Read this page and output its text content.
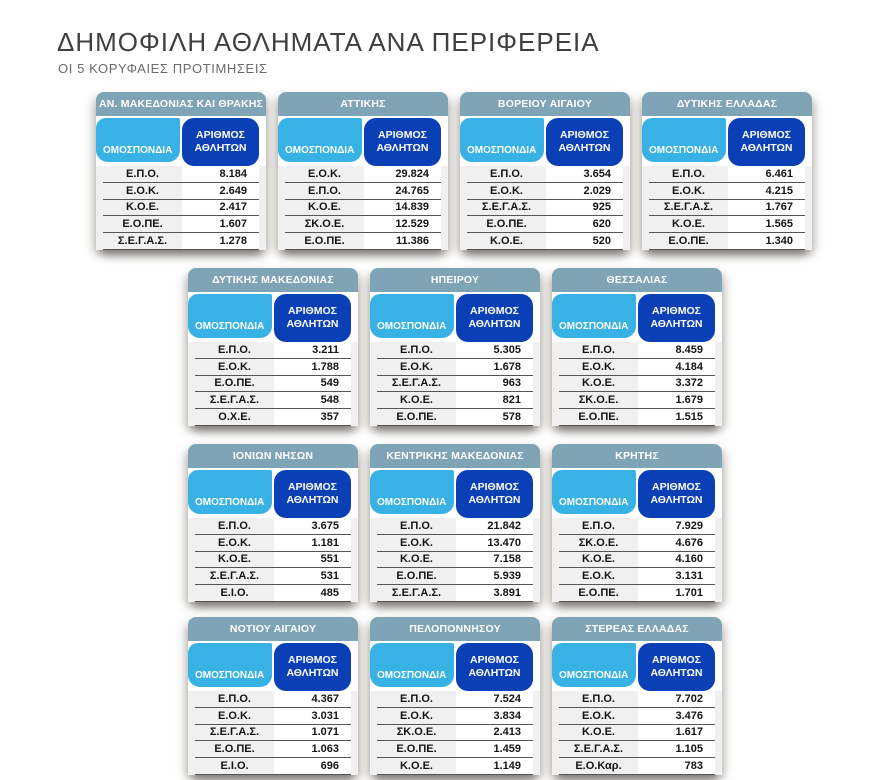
ΔΗΜΟΦΙΛΗ ΑΘΛΗΜΑΤΑ ΑΝΑ ΠΕΡΙΦΕΡΕΙΑ
ΟΙ 5 ΚΟΡΥΦΑΙΕΣ ΠΡΟΤΙΜΗΣΕΙΣ
ΑΝ. ΜΑΚΕΔΟΝΙΑΣ ΚΑΙ ΘΡΑΚΗΣ
ΟΜΟΣΠΟΝΔΙΑ
ΑΡΙΘΜΟΣ ΑΘΛΗΤΩΝ
Ε.Π.Ο.	8.184
Ε.Ο.Κ.	2.649
Κ.Ο.Ε.	2.417
Ε.Ο.ΠΕ.	1.607
Σ.Ε.Γ.Α.Σ.	1.278
ΑΤΤΙΚΗΣ
ΟΜΟΣΠΟΝΔΙΑ
ΑΡΙΘΜΟΣ ΑΘΛΗΤΩΝ
Ε.Ο.Κ.	29.824
Ε.Π.Ο.	24.765
Κ.Ο.Ε.	14.839
ΣΚ.Ο.Ε.	12.529
Ε.Ο.ΠΕ.	11.386
ΒΟΡΕΙΟΥ ΑΙΓΑΙΟΥ
ΟΜΟΣΠΟΝΔΙΑ
ΑΡΙΘΜΟΣ ΑΘΛΗΤΩΝ
Ε.Π.Ο.	3.654
Ε.Ο.Κ.	2.029
Σ.Ε.Γ.Α.Σ.	925
Ε.Ο.ΠΕ.	620
Κ.Ο.Ε.	520
ΔΥΤΙΚΗΣ ΕΛΛΑΔΑΣ
ΟΜΟΣΠΟΝΔΙΑ
ΑΡΙΘΜΟΣ ΑΘΛΗΤΩΝ
Ε.Π.Ο.	6.461
Ε.Ο.Κ.	4.215
Σ.Ε.Γ.Α.Σ.	1.767
Κ.Ο.Ε.	1.565
Ε.Ο.ΠΕ.	1.340
ΔΥΤΙΚΗΣ ΜΑΚΕΔΟΝΙΑΣ
ΟΜΟΣΠΟΝΔΙΑ
ΑΡΙΘΜΟΣ ΑΘΛΗΤΩΝ
Ε.Π.Ο.	3.211
Ε.Ο.Κ.	1.788
Ε.Ο.ΠΕ.	549
Σ.Ε.Γ.Α.Σ.	548
Ο.Χ.Ε.	357
ΗΠΕΙΡΟΥ
ΟΜΟΣΠΟΝΔΙΑ
ΑΡΙΘΜΟΣ ΑΘΛΗΤΩΝ
Ε.Π.Ο.	5.305
Ε.Ο.Κ.	1.678
Σ.Ε.Γ.Α.Σ.	963
Κ.Ο.Ε.	821
Ε.Ο.ΠΕ.	578
ΘΕΣΣΑΛΙΑΣ
ΟΜΟΣΠΟΝΔΙΑ
ΑΡΙΘΜΟΣ ΑΘΛΗΤΩΝ
Ε.Π.Ο.	8.459
Ε.Ο.Κ.	4.184
Κ.Ο.Ε.	3.372
ΣΚ.Ο.Ε.	1.679
Ε.Ο.ΠΕ.	1.515
ΙΟΝΙΩΝ ΝΗΣΩΝ
ΟΜΟΣΠΟΝΔΙΑ
ΑΡΙΘΜΟΣ ΑΘΛΗΤΩΝ
Ε.Π.Ο.	3.675
Ε.Ο.Κ.	1.181
Κ.Ο.Ε.	551
Σ.Ε.Γ.Α.Σ.	531
Ε.Ι.Ο.	485
ΚΕΝΤΡΙΚΗΣ ΜΑΚΕΔΟΝΙΑΣ
ΟΜΟΣΠΟΝΔΙΑ
ΑΡΙΘΜΟΣ ΑΘΛΗΤΩΝ
Ε.Π.Ο.	21.842
Ε.Ο.Κ.	13.470
Κ.Ο.Ε.	7.158
Ε.Ο.ΠΕ.	5.939
Σ.Ε.Γ.Α.Σ.	3.891
ΚΡΗΤΗΣ
ΟΜΟΣΠΟΝΔΙΑ
ΑΡΙΘΜΟΣ ΑΘΛΗΤΩΝ
Ε.Π.Ο.	7.929
ΣΚ.Ο.Ε.	4.676
Κ.Ο.Ε.	4.160
Ε.Ο.Κ.	3.131
Ε.Ο.ΠΕ.	1.701
ΝΟΤΙΟΥ ΑΙΓΑΙΟΥ
ΟΜΟΣΠΟΝΔΙΑ
ΑΡΙΘΜΟΣ ΑΘΛΗΤΩΝ
Ε.Π.Ο.	4.367
Ε.Ο.Κ.	3.031
Σ.Ε.Γ.Α.Σ.	1.071
Ε.Ο.ΠΕ.	1.063
Ε.Ι.Ο.	696
ΠΕΛΟΠΟΝΝΗΣΟΥ
ΟΜΟΣΠΟΝΔΙΑ
ΑΡΙΘΜΟΣ ΑΘΛΗΤΩΝ
Ε.Π.Ο.	7.524
Ε.Ο.Κ.	3.834
ΣΚ.Ο.Ε.	2.413
Ε.Ο.ΠΕ.	1.459
Κ.Ο.Ε.	1.149
ΣΤΕΡΕΑΣ ΕΛΛΑΔΑΣ
ΟΜΟΣΠΟΝΔΙΑ
ΑΡΙΘΜΟΣ ΑΘΛΗΤΩΝ
Ε.Π.Ο.	7.702
Ε.Ο.Κ.	3.476
Κ.Ο.Ε.	1.617
Σ.Ε.Γ.Α.Σ.	1.105
Ε.Ο.Καρ.	783
